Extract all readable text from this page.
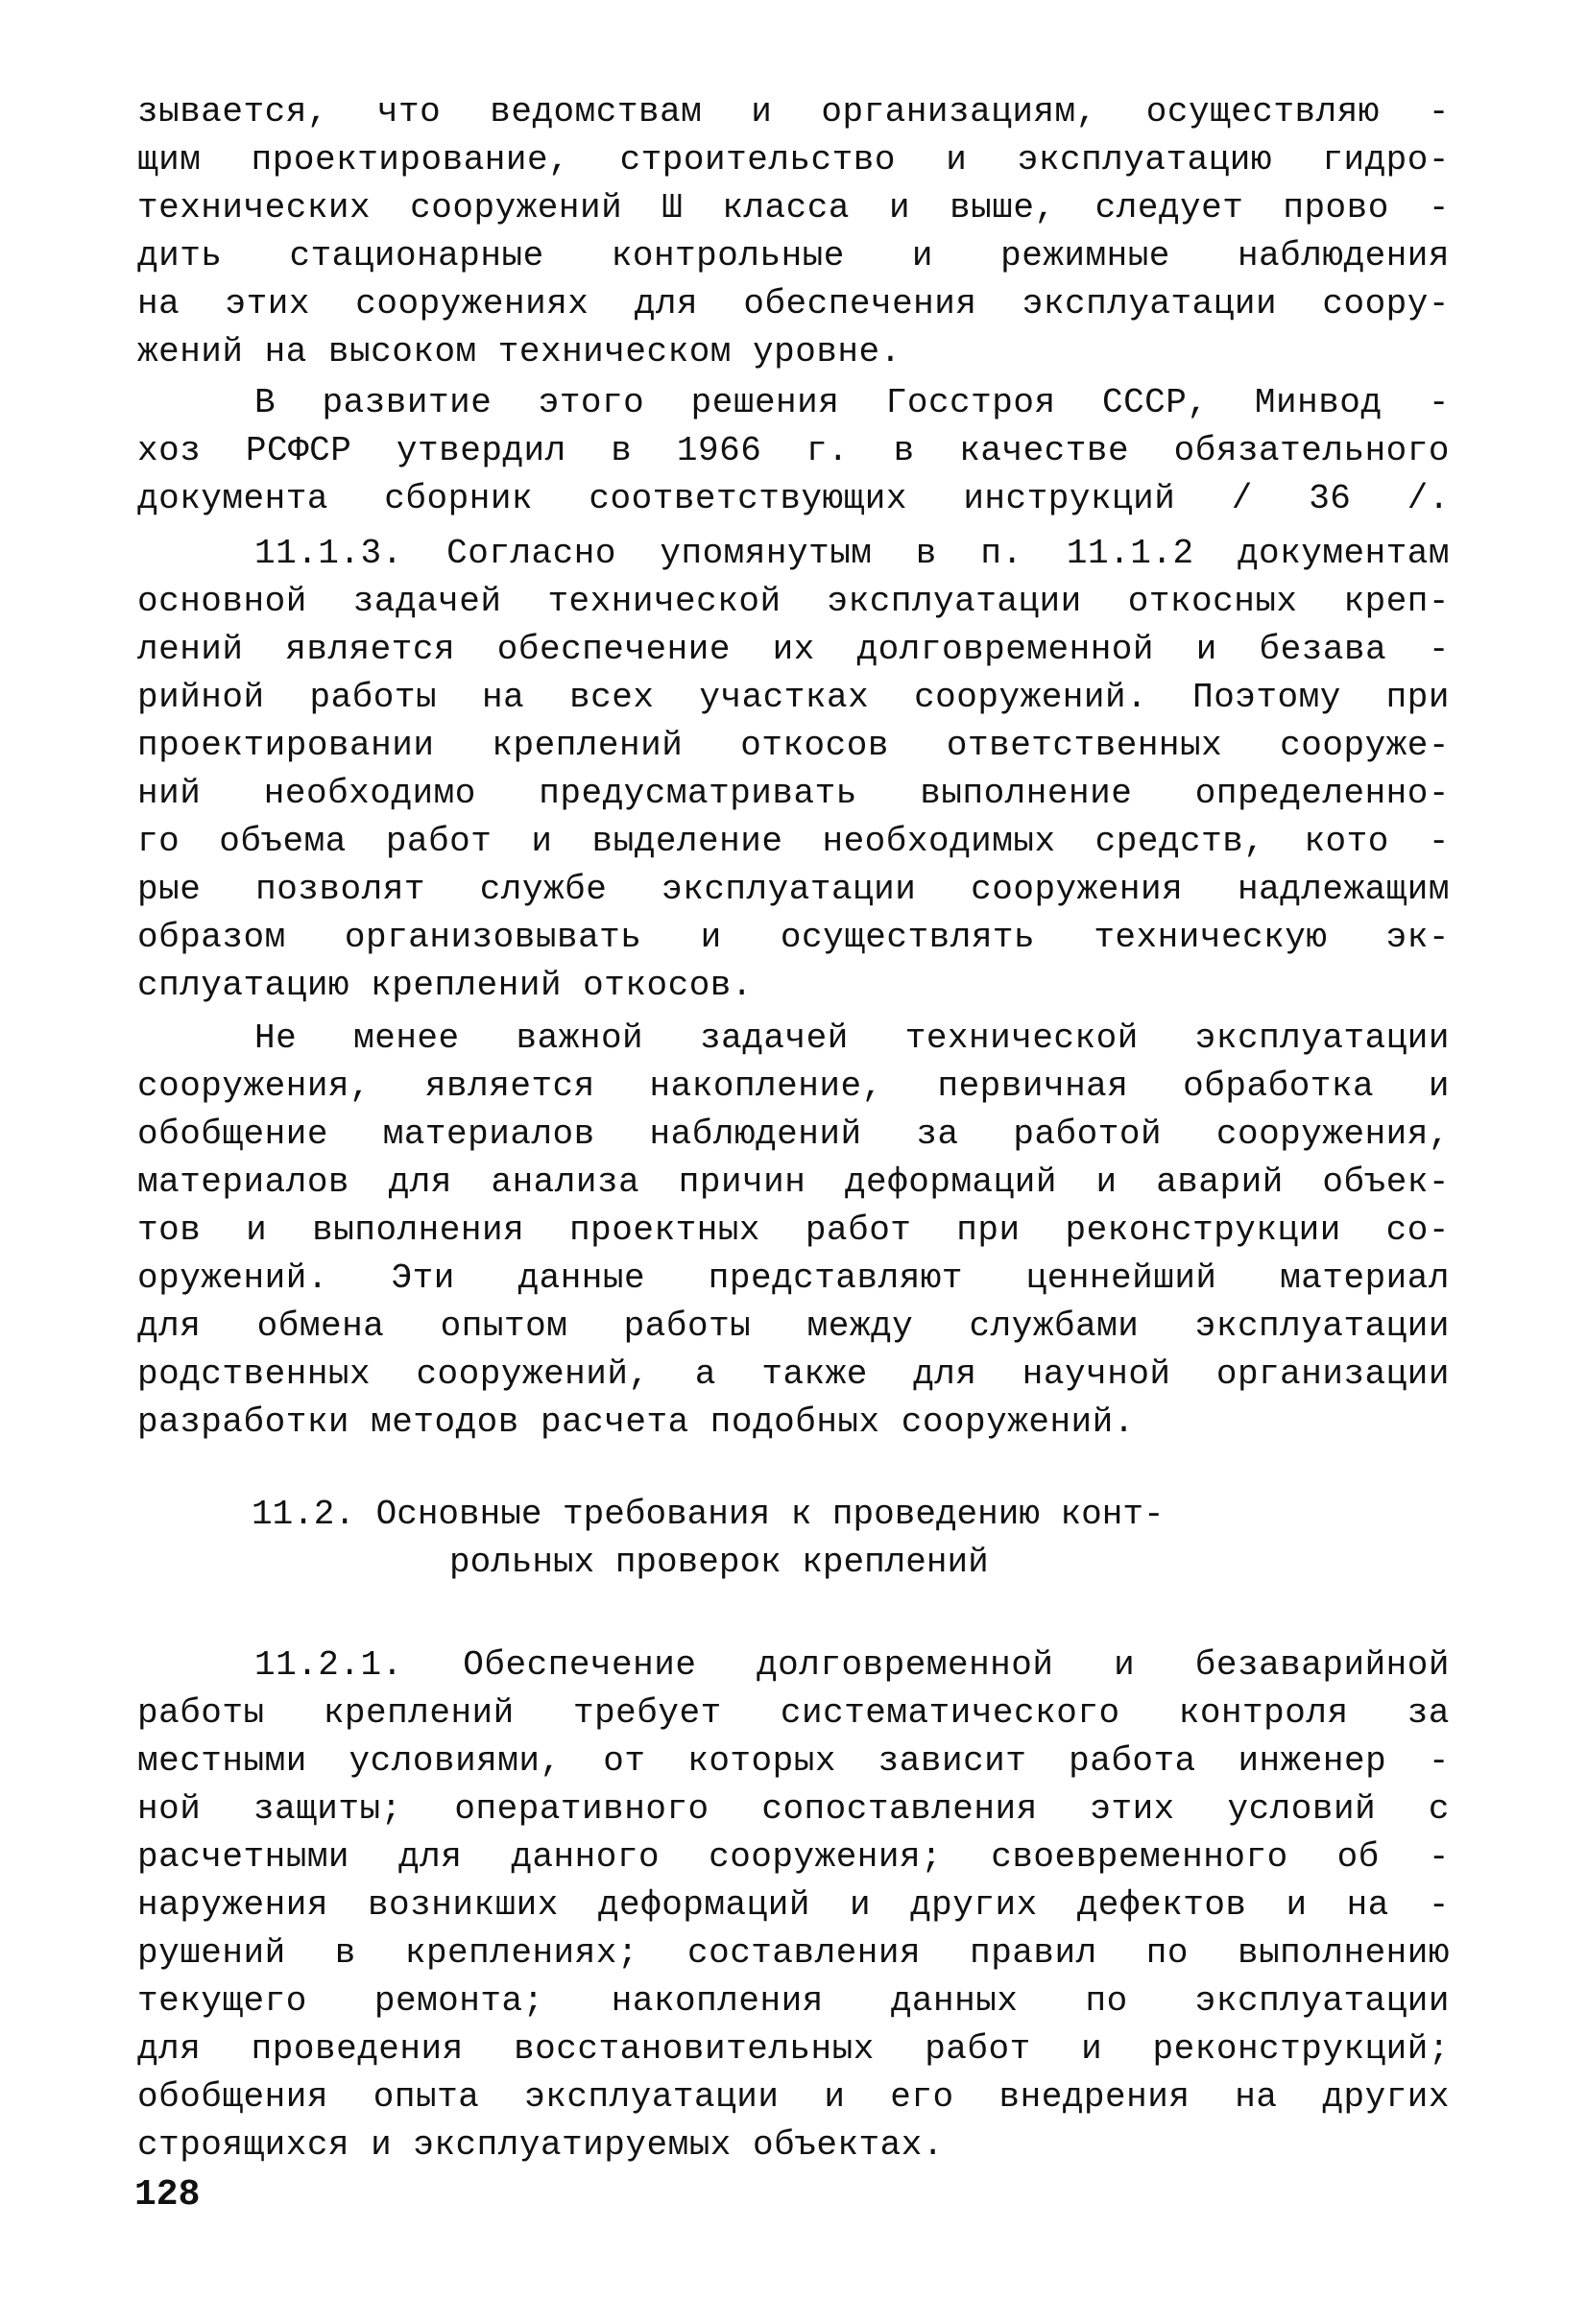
зывается, что ведомствам и организациям, осуществляю -
щим проектирование, строительство и эксплуатацию гидро-
технических сооружений Ш класса и выше, следует прово -
дить стационарные контрольные и режимные наблюдения
на этих сооружениях для обеспечения эксплуатации соору-
жений на высоком техническом уровне.
В развитие этого решения Госстроя СССР, Минвод -
хоз РСФСР утвердил в 1966 г. в качестве обязательного
документа сборник соответствующих инструкций / 36 /.
11.1.3. Согласно упомянутым в п. 11.1.2 документам
основной задачей технической эксплуатации откосных креп-
лений является обеспечение их долговременной и безава -
рийной работы на всех участках сооружений. Поэтому при
проектировании креплений откосов ответственных сооруже-
ний необходимо предусматривать выполнение определенно-
го объема работ и выделение необходимых средств, кото -
рые позволят службе эксплуатации сооружения надлежащим
образом организовывать и осуществлять техническую эк-
сплуатацию креплений откосов.
Не менее важной задачей технической эксплуатации
сооружения, является накопление, первичная обработка и
обобщение материалов наблюдений за работой сооружения,
материалов для анализа причин деформаций и аварий объек-
тов и выполнения проектных работ при реконструкции со-
оружений. Эти данные представляют ценнейший материал
для обмена опытом работы между службами эксплуатации
родственных сооружений, а также для научной организации
разработки методов расчета подобных сооружений.
11.2. Основные требования к проведению конт-
рольных проверок креплений
11.2.1. Обеспечение долговременной и безаварийной
работы креплений требует систематического контроля за
местными условиями, от которых зависит работа инженер -
ной защиты; оперативного сопоставления этих условий с
расчетными для данного сооружения; своевременного об -
наружения возникших деформаций и других дефектов и на -
рушений в креплениях; составления правил по выполнению
текущего ремонта; накопления данных по эксплуатации
для проведения восстановительных работ и реконструкций;
обобщения опыта эксплуатации и его внедрения на других
строящихся и эксплуатируемых объектах.
128
